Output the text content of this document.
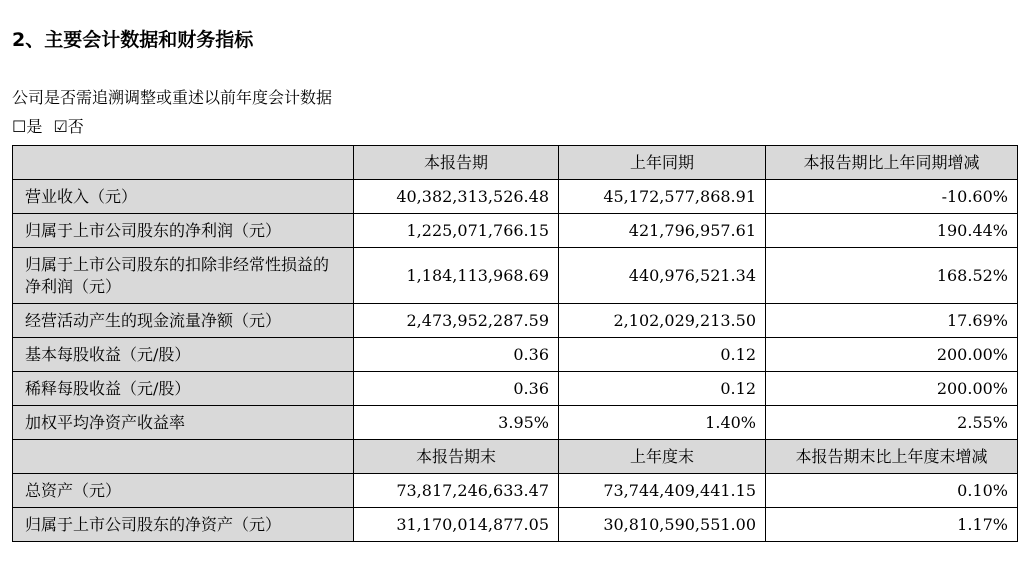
2、主要会计数据和财务指标
公司是否需追溯调整或重述以前年度会计数据
☐是 ☑否
	本报告期	上年同期	本报告期比上年同期增减
营业收入（元）	40,382,313,526.48	45,172,577,868.91	-10.60%
归属于上市公司股东的净利润（元）	1,225,071,766.15	421,796,957.61	190.44%
归属于上市公司股东的扣除非经常性损益的净利润（元）	1,184,113,968.69	440,976,521.34	168.52%
经营活动产生的现金流量净额（元）	2,473,952,287.59	2,102,029,213.50	17.69%
基本每股收益（元/股）	0.36	0.12	200.00%
稀释每股收益（元/股）	0.36	0.12	200.00%
加权平均净资产收益率	3.95%	1.40%	2.55%
	本报告期末	上年度末	本报告期末比上年度末增减
总资产（元）	73,817,246,633.47	73,744,409,441.15	0.10%
归属于上市公司股东的净资产（元）	31,170,014,877.05	30,810,590,551.00	1.17%
